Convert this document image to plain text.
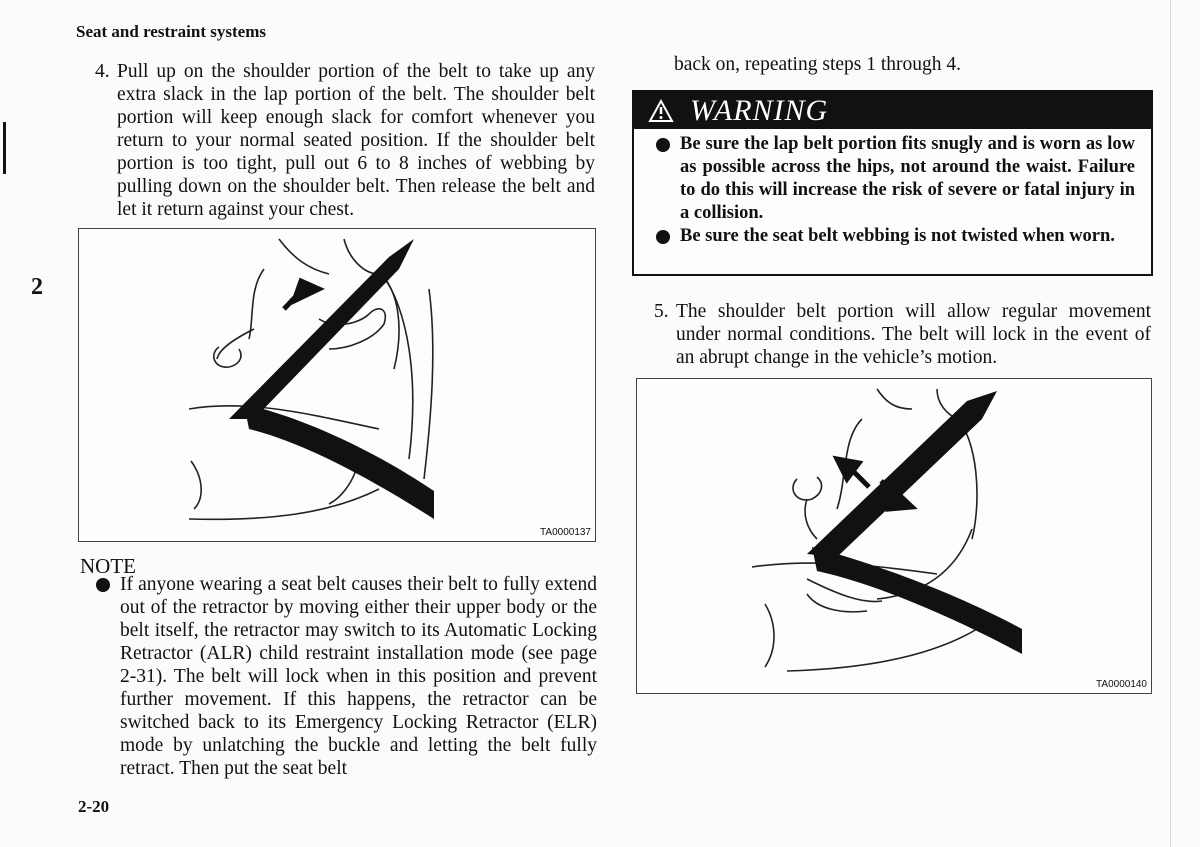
Seat and restraint systems
2
2-20
4. Pull up on the shoulder portion of the belt to take up any extra slack in the lap portion of the belt. The shoulder belt portion will keep enough slack for comfort whenever you return to your normal seated position. If the shoulder belt portion is too tight, pull out 6 to 8 inches of webbing by pulling down on the shoulder belt. Then release the belt and let it return against your chest.
TA0000137
NOTE
If anyone wearing a seat belt causes their belt to fully extend out of the retractor by moving either their upper body or the belt itself, the retractor may switch to its Automatic Locking Retractor (ALR) child restraint installation mode (see page 2-31). The belt will lock when in this position and prevent further movement. If this happens, the retractor can be switched back to its Emergency Locking Retractor (ELR) mode by unlatching the buckle and letting the belt fully retract. Then put the seat belt
back on, repeating steps 1 through 4.
WARNING
Be sure the lap belt portion fits snugly and is worn as low as possible across the hips, not around the waist. Failure to do this will increase the risk of severe or fatal injury in a collision.
Be sure the seat belt webbing is not twisted when worn.
5. The shoulder belt portion will allow regular movement under normal conditions. The belt will lock in the event of an abrupt change in the vehicle’s motion.
TA0000140
